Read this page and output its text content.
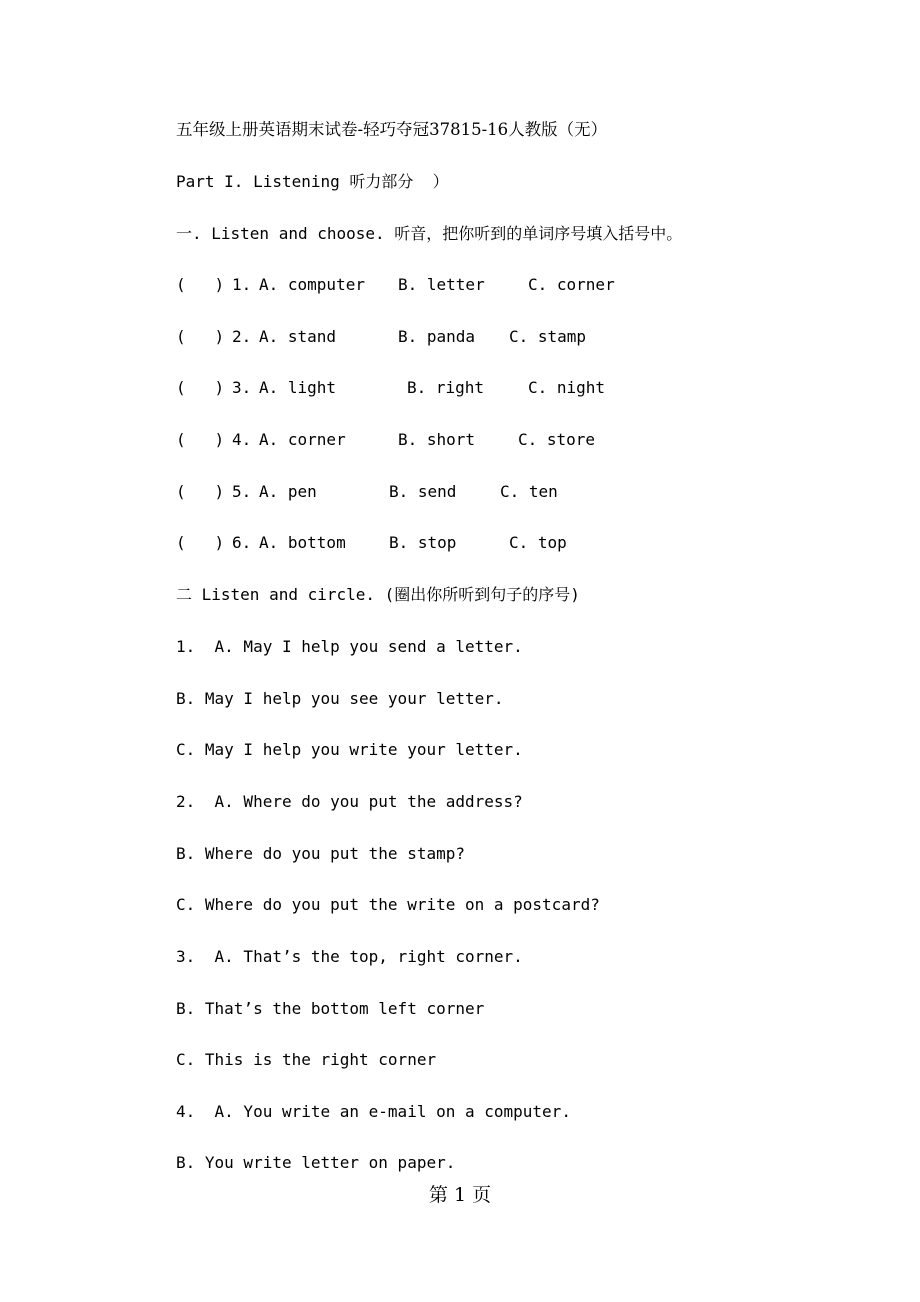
五年级上册英语期末试卷-轻巧夺冠37815-16人教版（无）
Part I. Listening 听力部分  ）
一. Listen and choose. 听音，把你听到的单词序号填入括号中。

(   )

1.

A. computer

B. letter

	C. corner

(   )

2.

A. stand

	B. panda

C. stamp

(   )

3.

A. light

	B. right

	C. night

(   )

4.

A. corner

	B. short

	C. store

(   )

5.

A. pen

	B. send

	C. ten

(   )

6.

A. bottom

	B. stop

	C. top

二 Listen and circle. (圈出你所听到句子的序号)
1.  A. May I help you send a letter.
B. May I help you see your letter.
C. May I help you write your letter.
2.  A. Where do you put the address?
B. Where do you put the stamp?
C. Where do you put the write on a postcard?
3.  A. That’s the top, right corner.
B. That’s the bottom left corner
C. This is the right corner
4.  A. You write an e-mail on a computer.
B. You write letter on paper.
第 1 页
